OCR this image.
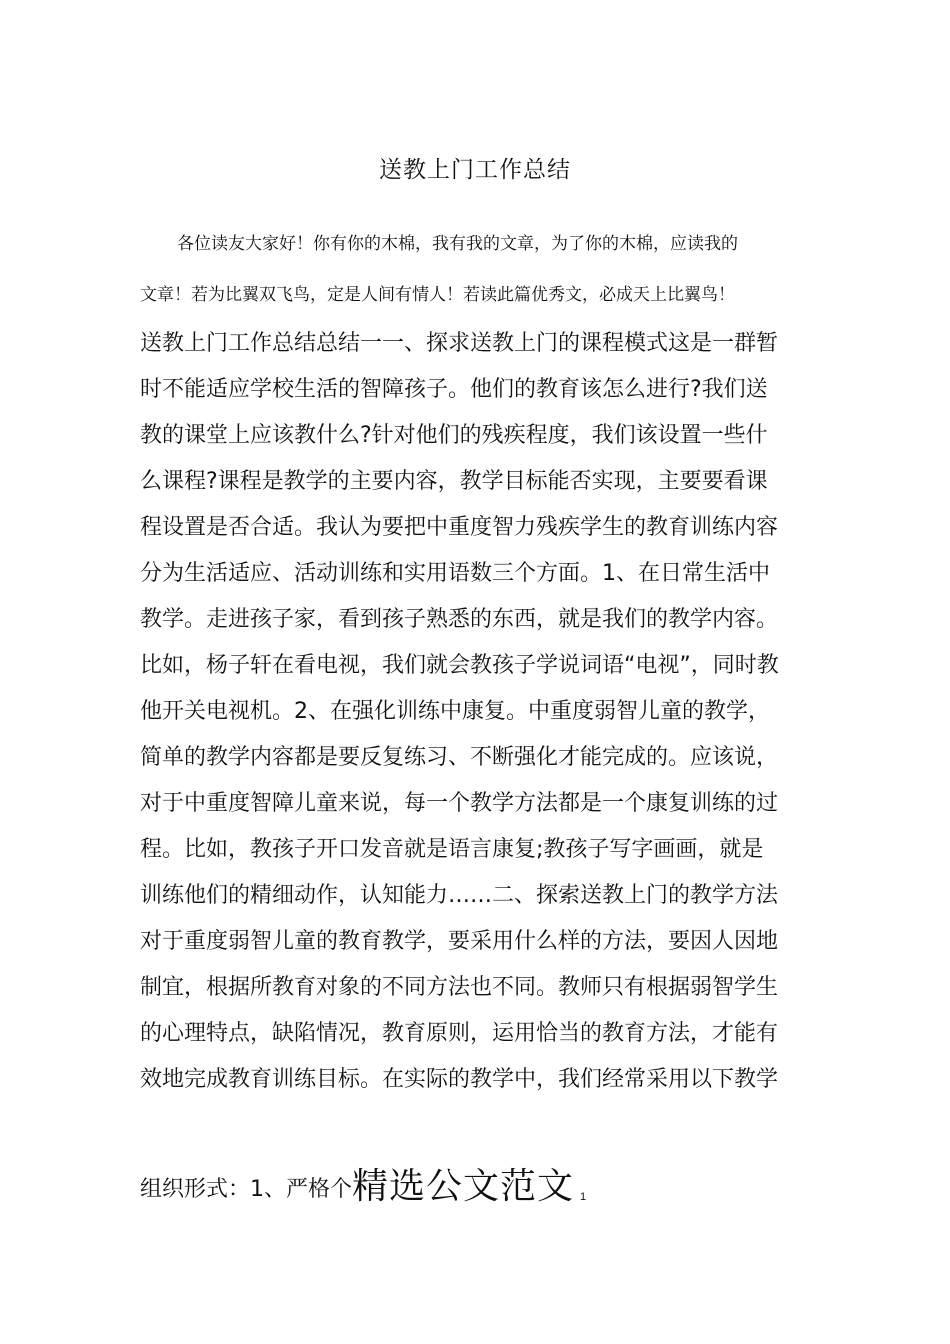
送教上门工作总结
各位读友大家好！你有你的木棉，我有我的文章，为了你的木棉，应读我的
文章！若为比翼双飞鸟，定是人间有情人！若读此篇优秀文，必成天上比翼鸟！
送教上门工作总结总结一一、探求送教上门的课程模式这是一群暂
时不能适应学校生活的智障孩子。他们的教育该怎么进行?我们送
教的课堂上应该教什么?针对他们的残疾程度，我们该设置一些什
么课程?课程是教学的主要内容，教学目标能否实现，主要要看课
程设置是否合适。我认为要把中重度智力残疾学生的教育训练内容
分为生活适应、活动训练和实用语数三个方面。1、在日常生活中
教学。走进孩子家，看到孩子熟悉的东西，就是我们的教学内容。
比如，杨子轩在看电视，我们就会教孩子学说词语“电视”，同时教
他开关电视机。2、在强化训练中康复。中重度弱智儿童的教学，
简单的教学内容都是要反复练习、不断强化才能完成的。应该说，
对于中重度智障儿童来说，每一个教学方法都是一个康复训练的过
程。比如，教孩子开口发音就是语言康复;教孩子写字画画，就是
训练他们的精细动作，认知能力……二、探索送教上门的教学方法
对于重度弱智儿童的教育教学，要采用什么样的方法，要因人因地
制宜，根据所教育对象的不同方法也不同。教师只有根据弱智学生
的心理特点，缺陷情况，教育原则，运用恰当的教育方法，才能有
效地完成教育训练目标。在实际的教学中，我们经常采用以下教学
组织形式：1、严格个精选公文范文 1
